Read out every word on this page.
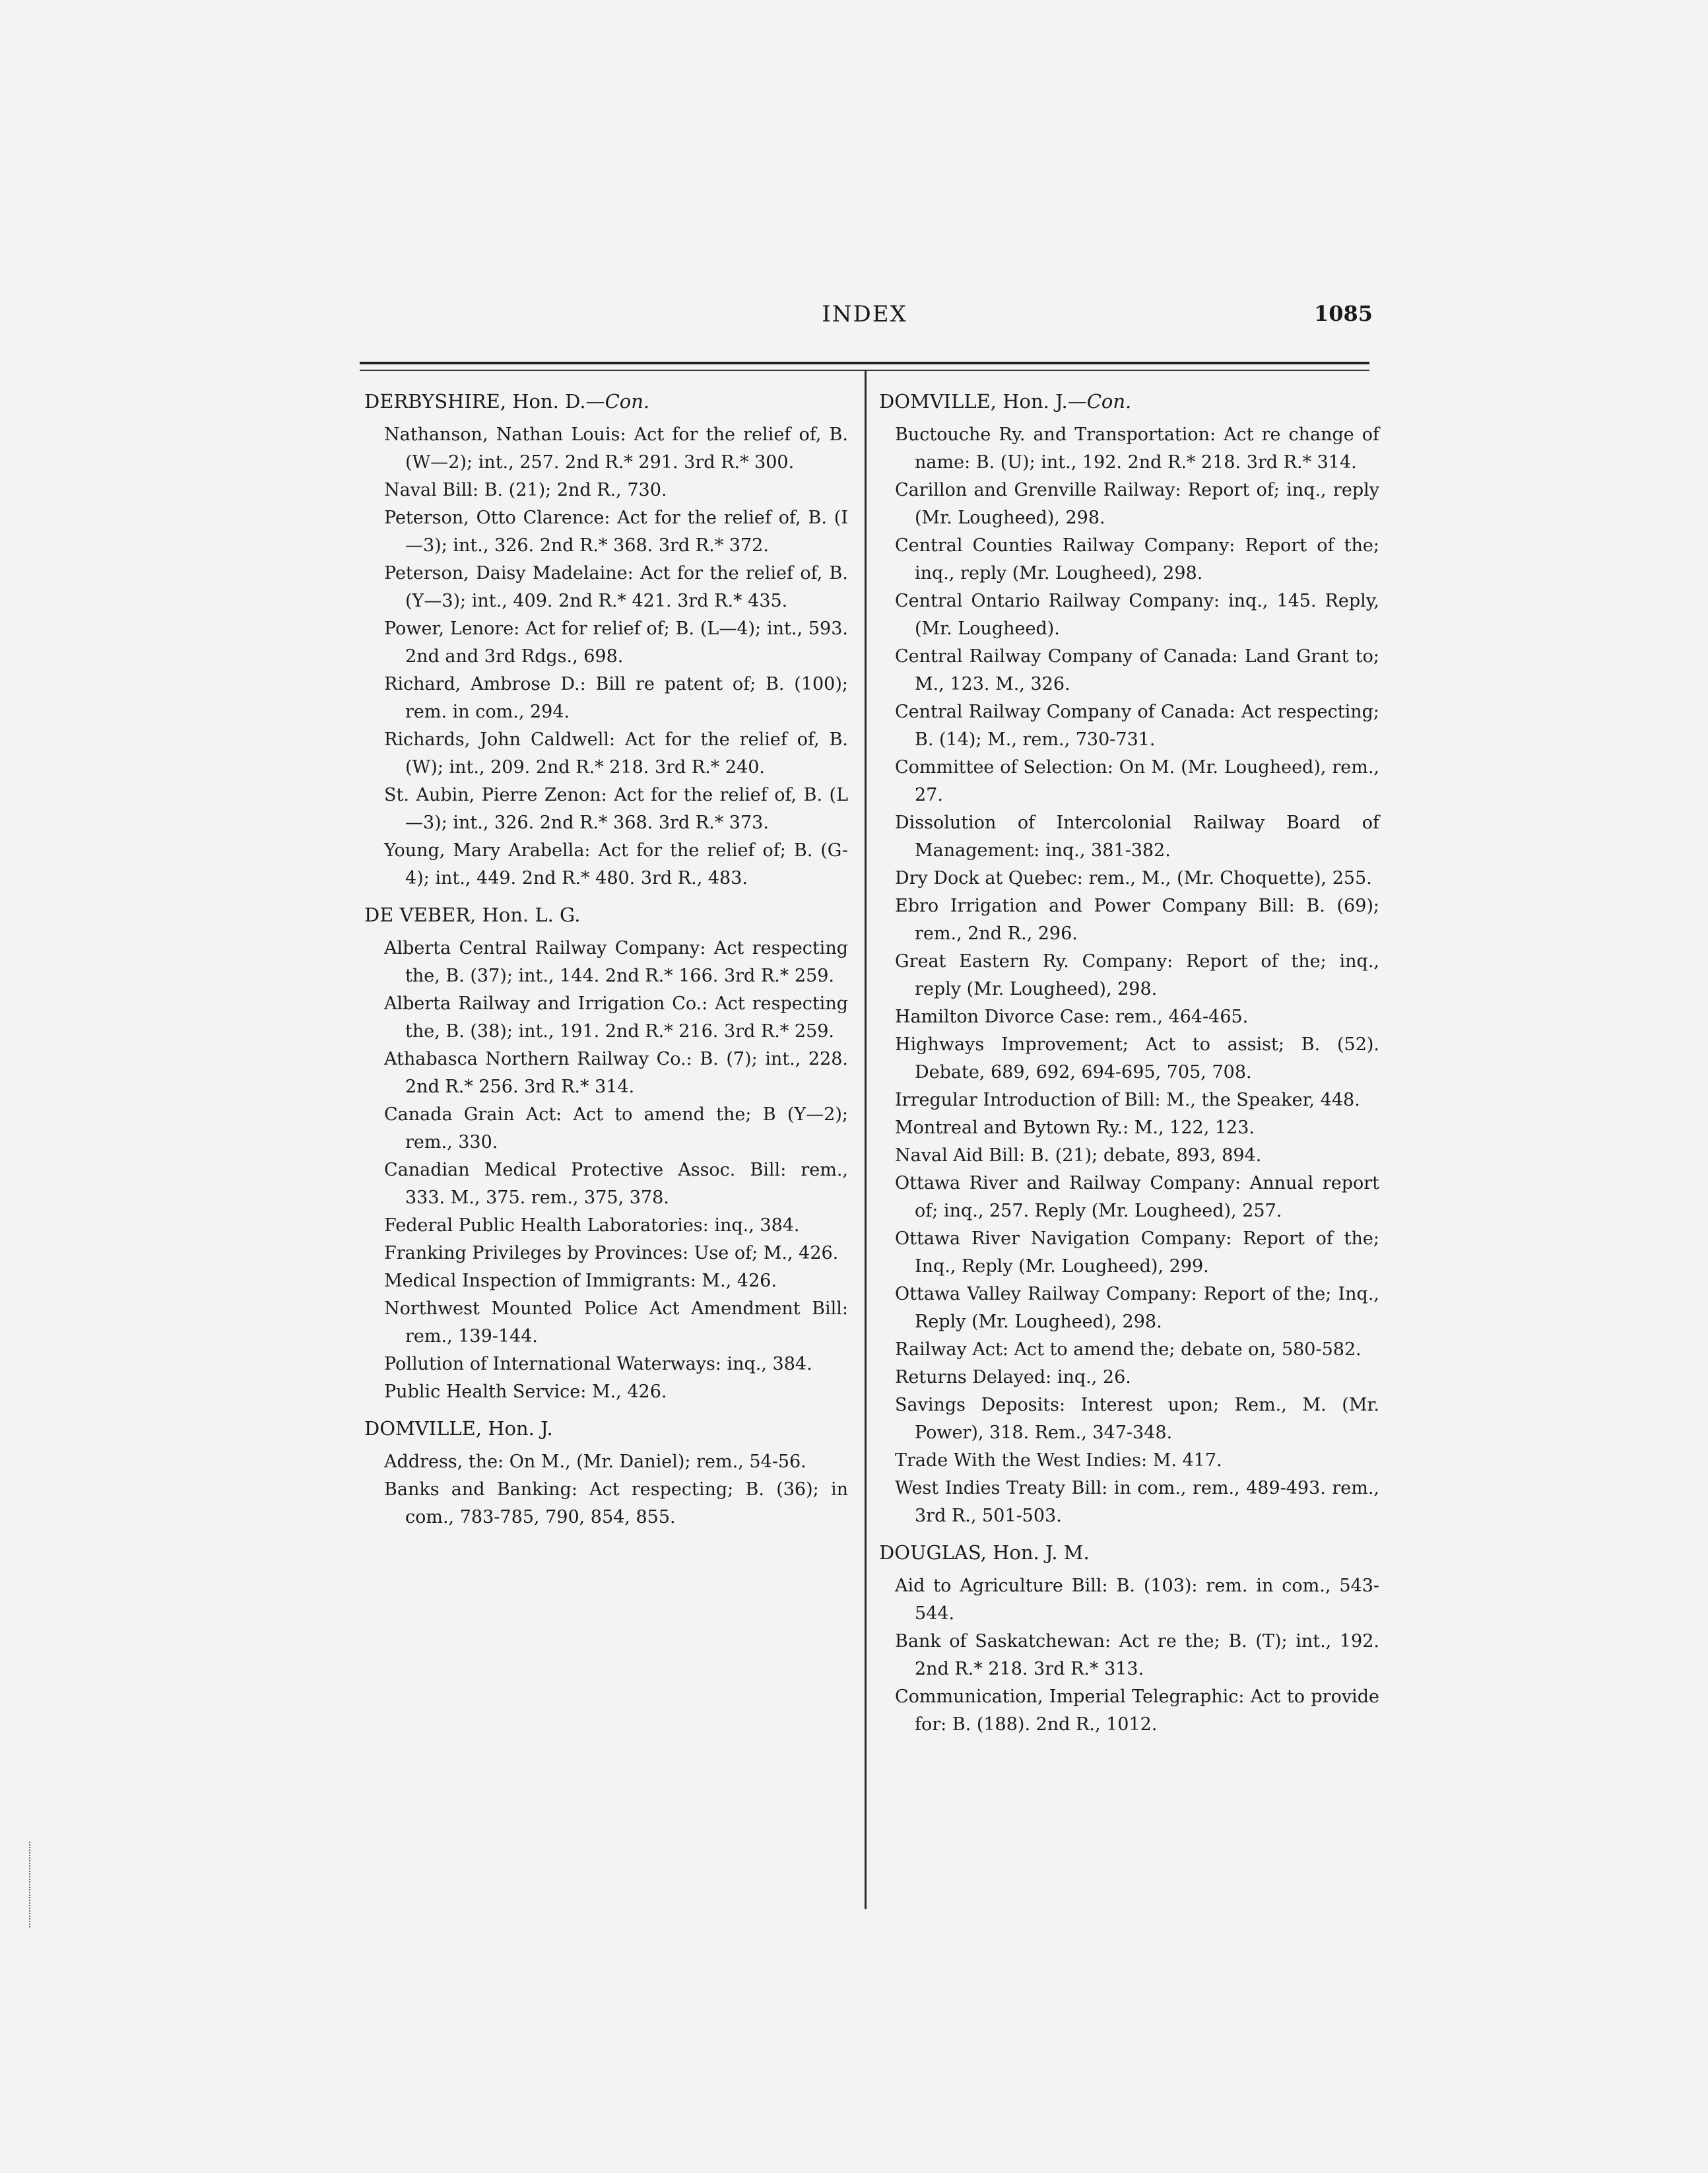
INDEX	1085
DERBYSHIRE, Hon. D.—Con.
Nathanson, Nathan Louis: Act for the relief of, B. (W—2); int., 257. 2nd R.* 291. 3rd R.* 300.
Naval Bill: B. (21); 2nd R., 730.
Peterson, Otto Clarence: Act for the relief of, B. (I—3); int., 326. 2nd R.* 368. 3rd R.* 372.
Peterson, Daisy Madelaine: Act for the relief of, B. (Y—3); int., 409. 2nd R.* 421. 3rd R.* 435.
Power, Lenore: Act for relief of; B. (L—4); int., 593. 2nd and 3rd Rdgs., 698.
Richard, Ambrose D.: Bill re patent of; B. (100); rem. in com., 294.
Richards, John Caldwell: Act for the relief of, B. (W); int., 209. 2nd R.* 218. 3rd R.* 240.
St. Aubin, Pierre Zenon: Act for the relief of, B. (L—3); int., 326. 2nd R.* 368. 3rd R.* 373.
Young, Mary Arabella: Act for the relief of; B. (G-4); int., 449. 2nd R.* 480. 3rd R., 483.
DE VEBER, Hon. L. G.
Alberta Central Railway Company: Act respecting the, B. (37); int., 144. 2nd R.* 166. 3rd R.* 259.
Alberta Railway and Irrigation Co.: Act respecting the, B. (38); int., 191. 2nd R.* 216. 3rd R.* 259.
Athabasca Northern Railway Co.: B. (7); int., 228. 2nd R.* 256. 3rd R.* 314.
Canada Grain Act: Act to amend the; B (Y—2); rem., 330.
Canadian Medical Protective Assoc. Bill: rem., 333. M., 375. rem., 375, 378.
Federal Public Health Laboratories: inq., 384.
Franking Privileges by Provinces: Use of; M., 426.
Medical Inspection of Immigrants: M., 426.
Northwest Mounted Police Act Amendment Bill: rem., 139-144.
Pollution of International Waterways: inq., 384.
Public Health Service: M., 426.
DOMVILLE, Hon. J.
Address, the: On M., (Mr. Daniel); rem., 54-56.
Banks and Banking: Act respecting; B. (36); in com., 783-785, 790, 854, 855.
DOMVILLE, Hon. J.—Con.
Buctouche Ry. and Transportation: Act re change of name: B. (U); int., 192. 2nd R.* 218. 3rd R.* 314.
Carillon and Grenville Railway: Report of; inq., reply (Mr. Lougheed), 298.
Central Counties Railway Company: Report of the; inq., reply (Mr. Lougheed), 298.
Central Ontario Railway Company: inq., 145. Reply, (Mr. Lougheed).
Central Railway Company of Canada: Land Grant to; M., 123. M., 326.
Central Railway Company of Canada: Act respecting; B. (14); M., rem., 730-731.
Committee of Selection: On M. (Mr. Lougheed), rem., 27.
Dissolution of Intercolonial Railway Board of Management: inq., 381-382.
Dry Dock at Quebec: rem., M., (Mr. Choquette), 255.
Ebro Irrigation and Power Company Bill: B. (69); rem., 2nd R., 296.
Great Eastern Ry. Company: Report of the; inq., reply (Mr. Lougheed), 298.
Hamilton Divorce Case: rem., 464-465.
Highways Improvement; Act to assist; B. (52). Debate, 689, 692, 694-695, 705, 708.
Irregular Introduction of Bill: M., the Speaker, 448.
Montreal and Bytown Ry.: M., 122, 123.
Naval Aid Bill: B. (21); debate, 893, 894.
Ottawa River and Railway Company: Annual report of; inq., 257. Reply (Mr. Lougheed), 257.
Ottawa River Navigation Company: Report of the; Inq., Reply (Mr. Lougheed), 299.
Ottawa Valley Railway Company: Report of the; Inq., Reply (Mr. Lougheed), 298.
Railway Act: Act to amend the; debate on, 580-582.
Returns Delayed: inq., 26.
Savings Deposits: Interest upon; Rem., M. (Mr. Power), 318. Rem., 347-348.
Trade With the West Indies: M. 417.
West Indies Treaty Bill: in com., rem., 489-493. rem., 3rd R., 501-503.
DOUGLAS, Hon. J. M.
Aid to Agriculture Bill: B. (103): rem. in com., 543-544.
Bank of Saskatchewan: Act re the; B. (T); int., 192. 2nd R.* 218. 3rd R.* 313.
Communication, Imperial Telegraphic: Act to provide for: B. (188). 2nd R., 1012.
